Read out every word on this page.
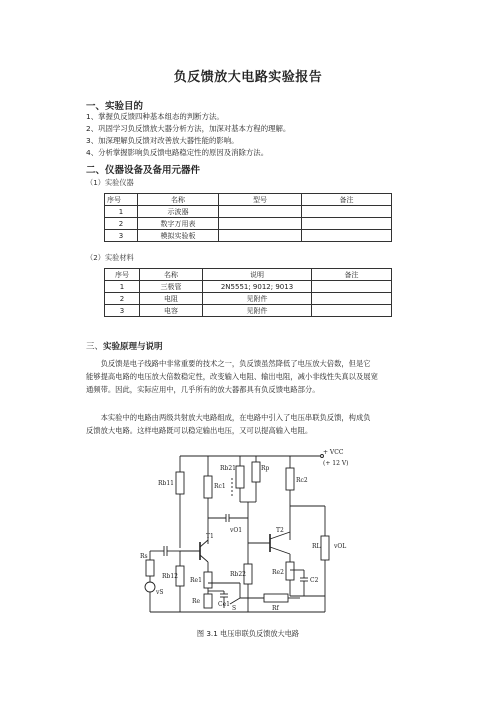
负反馈放大电路实验报告
一、实验目的
1、掌握负反馈四种基本组态的判断方法。
2、巩固学习负反馈放大器分析方法，加深对基本方程的理解。
3、加深理解负反馈对改善放大器性能的影响。
4、分析掌握影响负反馈电路稳定性的原因及消除方法。
二、仪器设备及备用元器件
（1）实验仪器
序号	名称	型号	备注
1	示波器		
2	数字万用表		
3	模拟实验板		
（2）实验材料
序号	名称	说明	备注
1	三极管	2N5551; 9012; 9013	
2	电阻	见附件	
3	电容	见附件	
三、实验原理与说明
负反馈是电子线路中非常重要的技术之一，负反馈虽然降低了电压放大倍数，但是它
能够提高电路的电压放大倍数稳定性，改变输入电阻、输出电阻，减小非线性失真以及展宽
通频带。因此，实际应用中，几乎所有的放大器都具有负反馈电路部分。
本实验中的电路由两级共射放大电路组成，在电路中引入了电压串联负反馈，构成负
反馈放大电路。这样电路既可以稳定输出电压，又可以提高输入电阻。
+ VCC
(+ 12 V)
Rb11	Rc1
Rb21	Rp
Rc2
T1
T2
vO1
Rs
Rb12
Re1
Rb22	Re2
C2
RL vOL
vS
Re	Ce1
S	Rf
图 3.1 电压串联负反馈放大电路
